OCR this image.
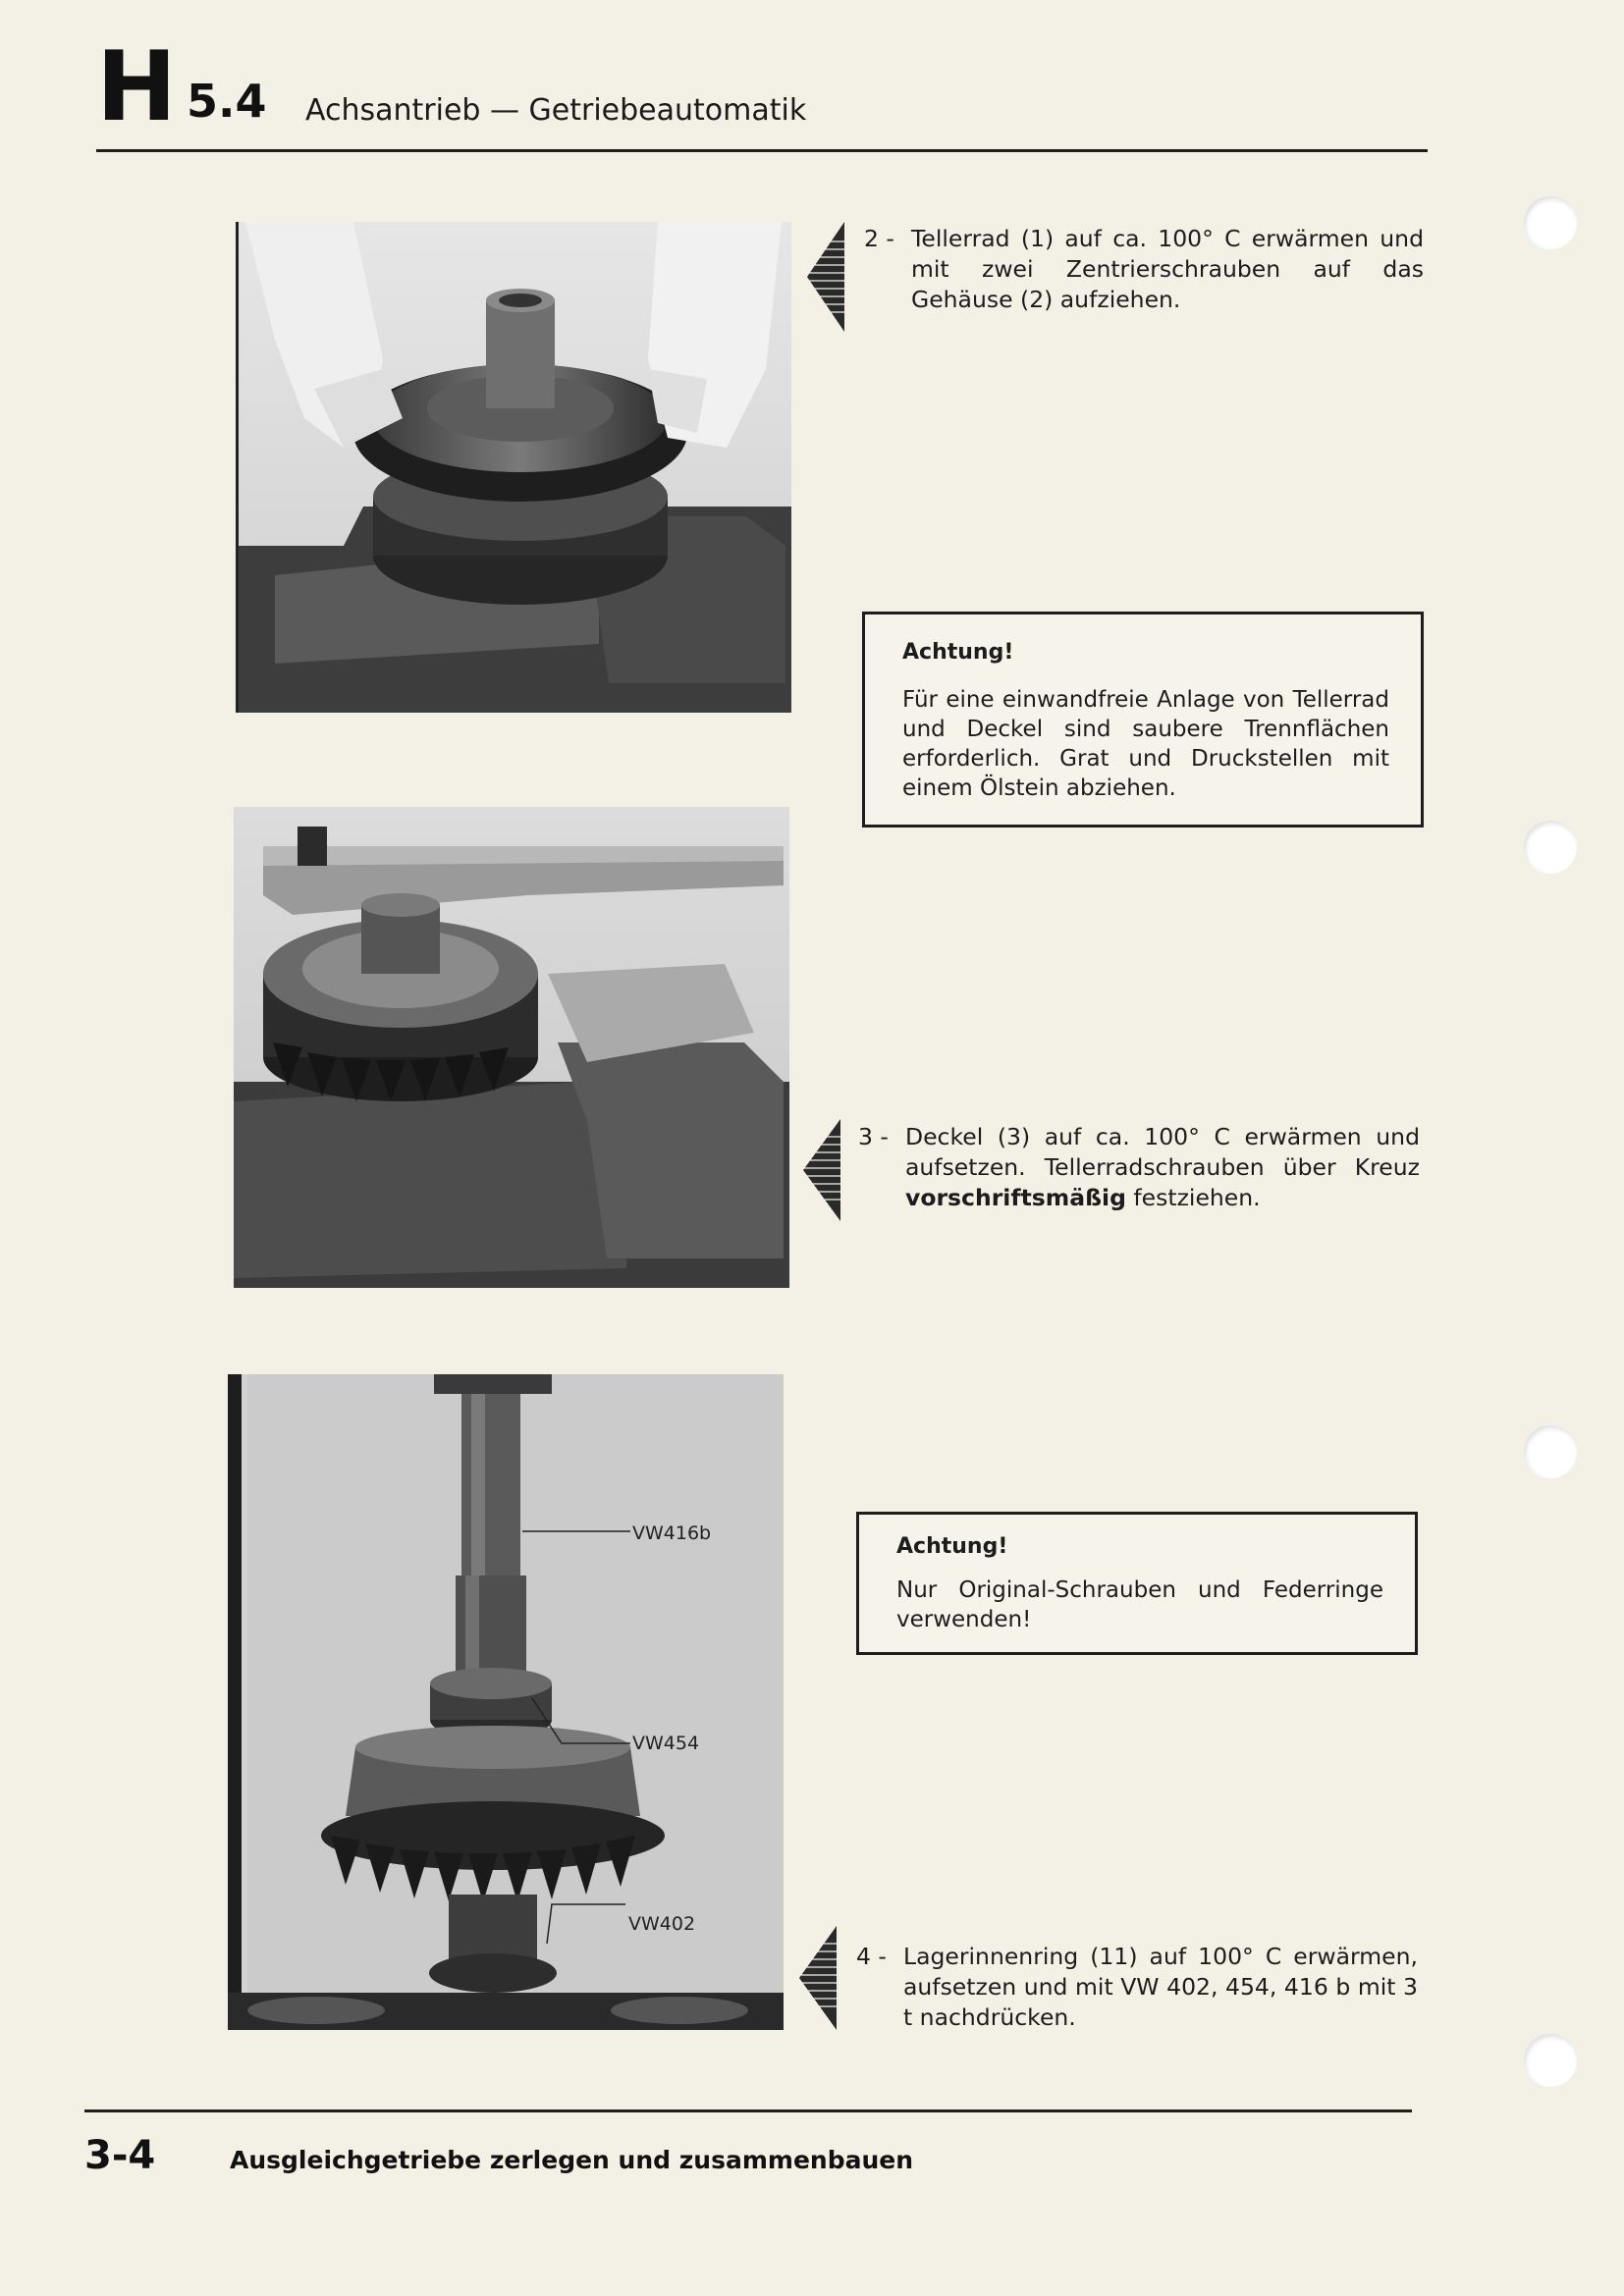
H 5.4 Achsantrieb — Getriebeautomatik
VW416b
VW454
VW402
2 - Tellerrad (1) auf ca. 100° C erwärmen und mit zwei Zentrierschrauben auf das Gehäuse (2) aufziehen.
Achtung!
Für eine einwandfreie Anlage von Tellerrad und Deckel sind saubere Trennflächen erforderlich. Grat und Druckstellen mit einem Ölstein abziehen.
3 - Deckel (3) auf ca. 100° C erwärmen und aufsetzen. Tellerradschrauben über Kreuz vorschriftsmäßig festziehen.
Achtung!
Nur Original-Schrauben und Federringe verwenden!
4 - Lagerinnenring (11) auf 100° C erwärmen, aufsetzen und mit VW 402, 454, 416 b mit 3 t nachdrücken.
3-4	Ausgleichgetriebe zerlegen und zusammenbauen
